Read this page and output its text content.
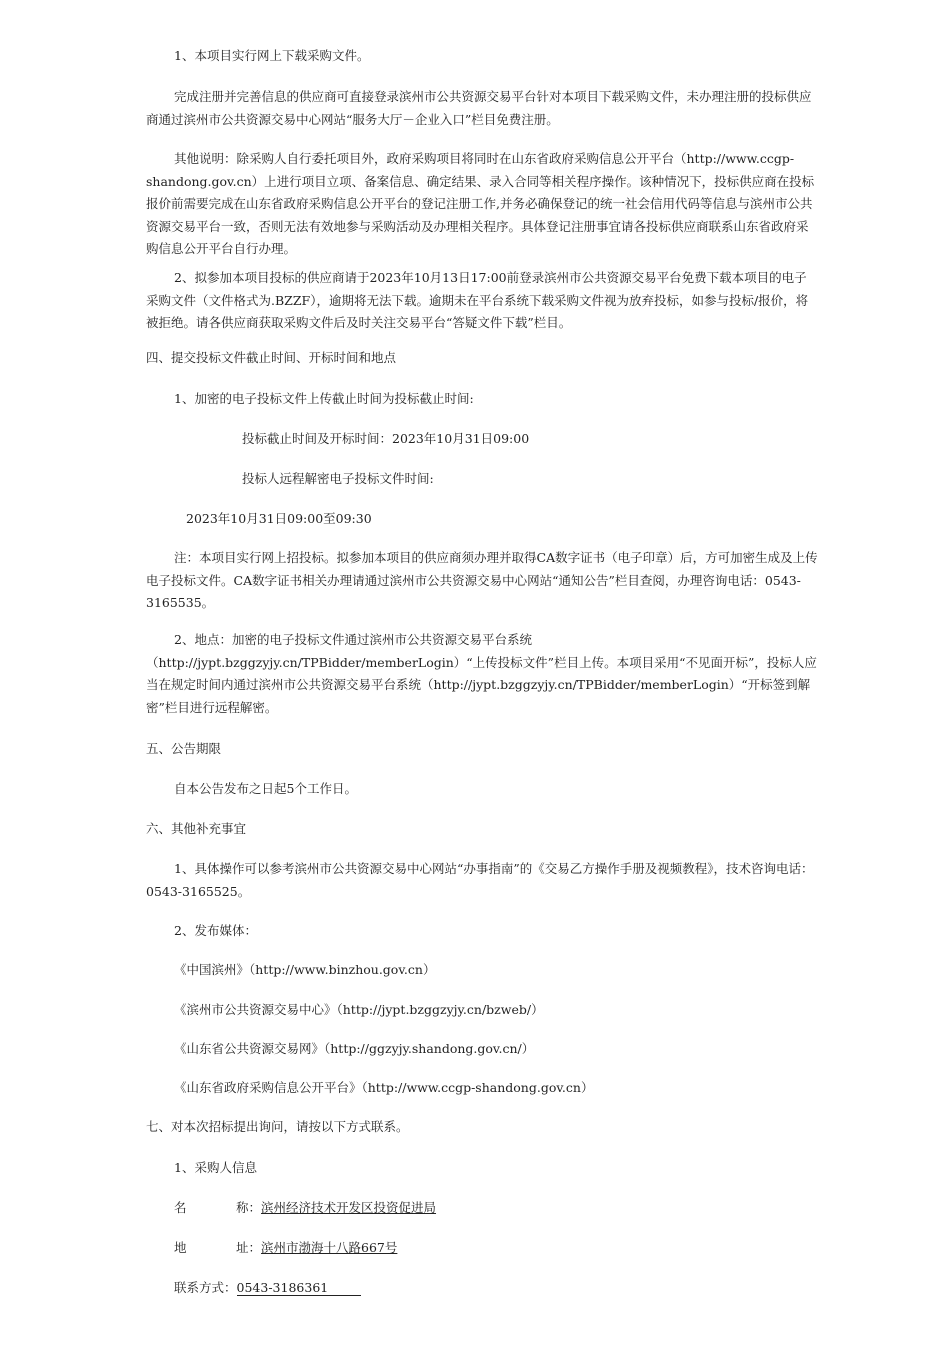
1、本项目实行网上下载采购文件。

完成注册并完善信息的供应商可直接登录滨州市公共资源交易平台针对本项目下载采购文件，未办理注册的投标供应商通过滨州市公共资源交易中心网站“服务大厅－企业入口”栏目免费注册。

其他说明：除采购人自行委托项目外，政府采购项目将同时在山东省政府采购信息公开平台（http://www.ccgp-shandong.gov.cn）上进行项目立项、备案信息、确定结果、录入合同等相关程序操作。该种情况下，投标供应商在投标报价前需要完成在山东省政府采购信息公开平台的登记注册工作,并务必确保登记的统一社会信用代码等信息与滨州市公共资源交易平台一致，否则无法有效地参与采购活动及办理相关程序。具体登记注册事宜请各投标供应商联系山东省政府采购信息公开平台自行办理。

2、拟参加本项目投标的供应商请于2023年10月13日17:00前登录滨州市公共资源交易平台免费下载本项目的电子采购文件（文件格式为.BZZF），逾期将无法下载。逾期未在平台系统下载采购文件视为放弃投标，如参与投标/报价，将被拒绝。请各供应商获取采购文件后及时关注交易平台“答疑文件下载”栏目。

四、提交投标文件截止时间、开标时间和地点

1、加密的电子投标文件上传截止时间为投标截止时间:

投标截止时间及开标时间：2023年10月31日09:00

投标人远程解密电子投标文件时间:

2023年10月31日09:00至09:30

注：本项目实行网上招投标。拟参加本项目的供应商须办理并取得CA数字证书（电子印章）后，方可加密生成及上传电子投标文件。CA数字证书相关办理请通过滨州市公共资源交易中心网站“通知公告”栏目查阅，办理咨询电话：0543-3165535。

2、地点：加密的电子投标文件通过滨州市公共资源交易平台系统（http://jypt.bzggzyjy.cn/TPBidder/memberLogin）“上传投标文件”栏目上传。本项目采用“不见面开标”，投标人应当在规定时间内通过滨州市公共资源交易平台系统（http://jypt.bzggzyjy.cn/TPBidder/memberLogin）“开标签到解密”栏目进行远程解密。

五、公告期限

自本公告发布之日起5个工作日。

六、其他补充事宜

1、具体操作可以参考滨州市公共资源交易中心网站“办事指南”的《交易乙方操作手册及视频教程》，技术咨询电话：0543-3165525。

2、发布媒体：

《中国滨州》（http://www.binzhou.gov.cn）

《滨州市公共资源交易中心》（http://jypt.bzggzyjy.cn/bzweb/）

《山东省公共资源交易网》（http://ggzyjy.shandong.gov.cn/）

《山东省政府采购信息公开平台》（http://www.ccgp-shandong.gov.cn）

七、对本次招标提出询问，请按以下方式联系。

1、采购人信息

名	称：滨州经济技术开发区投资促进局

地	址：滨州市渤海十八路667号

联系方式：0543-3186361
